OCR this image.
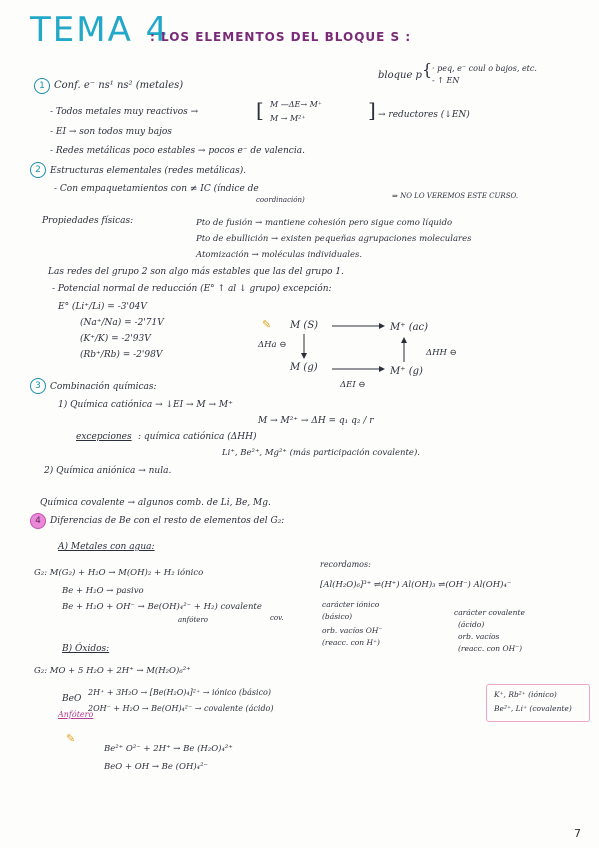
TEMA 4
: LOS ELEMENTOS DEL BLOQUE S :
1 Conf. e⁻ ns¹ ns² (metales)
bloque p { · peq, e⁻ coul o bajos, etc.
- ↑ EN
- Todos metales muy reactivos →	[ M —ΔE→ M⁺
M → M²⁺	] → reductores (↓EN)
- EI → son todos muy bajos
- Redes metálicas poco estables → pocos e⁻ de valencia.
2	Estructuras elementales (redes metálicas).
- Con empaquetamientos con ≠ IC (índice de
coordinación)	⇒ NO LO VEREMOS ESTE CURSO.
Propiedades físicas:	Pto de fusión → mantiene cohesión pero sigue como líquido
Pto de ebullición → existen pequeñas agrupaciones moleculares
Atomización → moléculas individuales.
Las redes del grupo 2 son algo más estables que las del grupo 1.
- Potencial normal de reducción (E° ↑ al ↓ grupo) excepción:
E° (Li⁺/Li) = -3'04V
(Na⁺/Na) = -2'71V
(K⁺/K) = -2'93V
(Rb⁺/Rb) = -2'98V
✎ M (S)	M⁺ (ac)
ΔHa ⊖
M (g)	M⁺ (g)
ΔHH ⊖
ΔEI ⊖
3	Combinación químicas:
1) Química catiónica → ↓EI → M → M⁺
M → M²⁺ → ΔH = q₁ q₂ / r
excepciones : química catiónica (ΔHH)
Li⁺, Be²⁺, Mg²⁺ (más participación covalente).
2) Química aniónica → nula.
Química covalente → algunos comb. de Li, Be, Mg.
4	Diferencias de Be con el resto de elementos del G₂:
A) Metales con agua:
G₂: M(G₂) + H₂O → M(OH)₂ + H₂ iónico
Be + H₂O → pasivo
Be + H₂O + OH⁻ → Be(OH)₄²⁻ + H₂) covalente
anfótero	cov.
recordamos:
[Al(H₂O)₆]³⁺ ⇌(H⁺) Al(OH)₃ ⇌(OH⁻) Al(OH)₄⁻
carácter iónico
(básico)
orb. vacíos OH⁻
(reacc. con H⁺)
carácter covalente
(ácido)
orb. vacíos
(reacc. con OH⁻)
B) Óxidos:
G₂: MO + 5 H₂O + 2H⁺ → M(H₂O)₆²⁺
BeO
2H⁺ + 3H₂O → [Be(H₂O)₄]²⁺ → iónico (básico)
2OH⁻ + H₂O → Be(OH)₄²⁻ → covalente (ácido)
Anfótero
K⁺, Rb²⁺ (iónico)
Be²⁺, Li⁺ (covalente)
✎
Be²⁺ O²⁻ + 2H⁺ → Be (H₂O)₄²⁺
BeO + OH → Be (OH)₄²⁻
7
